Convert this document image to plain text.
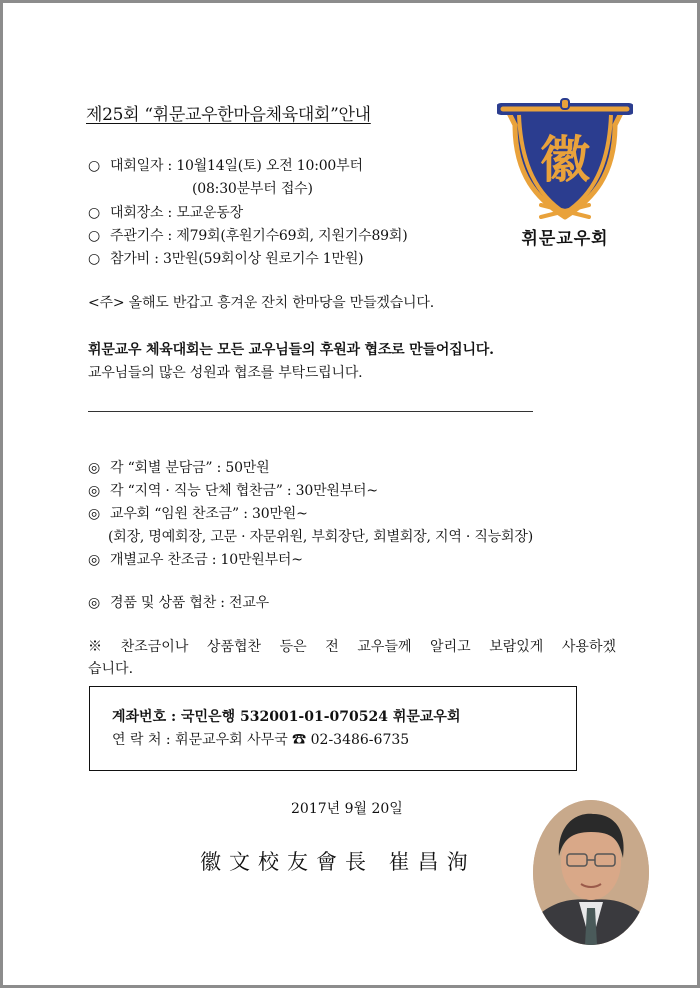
제25회 “휘문교우한마음체육대회”안내
徽
휘문교우회
○ 대회일자 : 10월14일(토) 오전 10:00부터
(08:30분부터 접수)
○ 대회장소 : 모교운동장
○ 주관기수 : 제79회(후원기수69회, 지원기수89회)
○ 참가비 : 3만원(59회이상 원로기수 1만원)
<주> 올해도 반갑고 흥겨운 잔치 한마당을 만들겠습니다.
휘문교우 체육대회는 모든 교우님들의 후원과 협조로 만들어집니다.
교우님들의 많은 성원과 협조를 부탁드립니다.
◎ 각 “회별 분담금” : 50만원
◎ 각 “지역 · 직능 단체 협찬금” : 30만원부터~
◎ 교우회 “임원 찬조금” : 30만원~
(회장, 명예회장, 고문 · 자문위원, 부회장단, 회별회장, 지역 · 직능회장)
◎ 개별교우 찬조금 : 10만원부터~
◎ 경품 및 상품 협찬 : 전교우
※ 찬조금이나 상품협찬 등은 전 교우들께 알리고 보람있게 사용하겠습니다.
계좌번호 : 국민은행 532001-01-070524 휘문교우회
연 락 처 : 휘문교우회 사무국 ☎ 02-3486-6735
2017년 9월 20일
徽文校友會長 崔昌洵
